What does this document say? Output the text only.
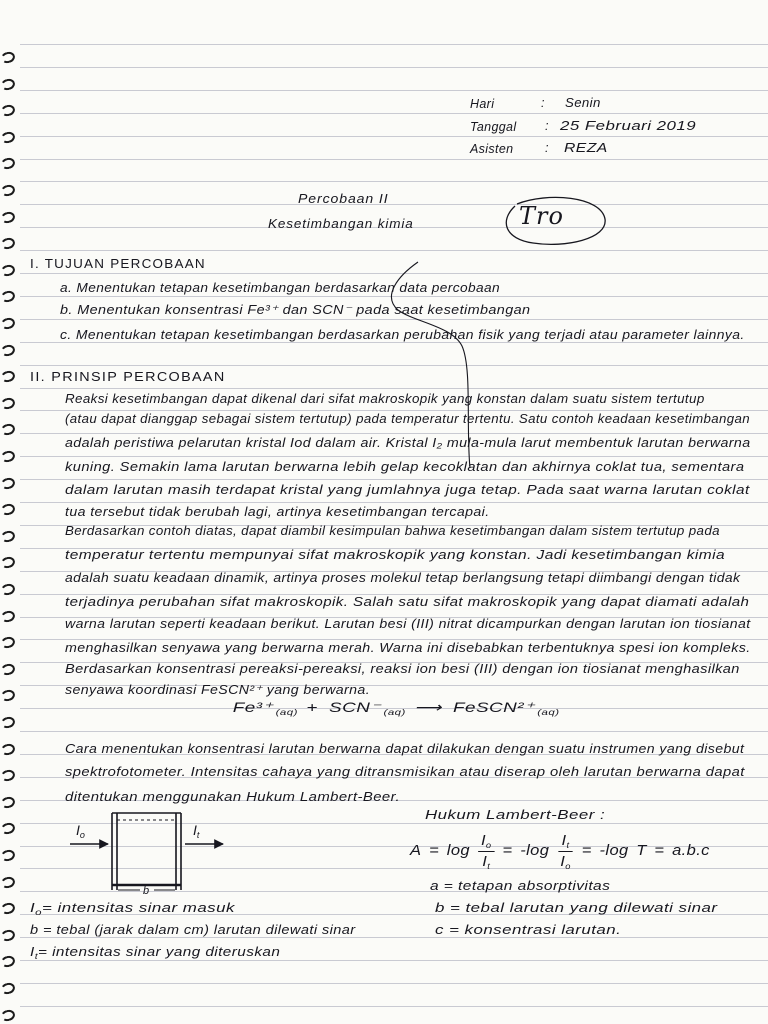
Hari	: Senin
Tanggal : 25 Februari 2019
Asisten	: REZA
Percobaan II
Kesetimbangan kimia	Tro
I. TUJUAN PERCOBAAN
a. Menentukan tetapan kesetimbangan berdasarkan data percobaan
b. Menentukan konsentrasi Fe³⁺ dan SCN⁻ pada saat kesetimbangan
c. Menentukan tetapan kesetimbangan berdasarkan perubahan fisik yang terjadi atau parameter lainnya.
II. PRINSIP PERCOBAAN
Reaksi kesetimbangan dapat dikenal dari sifat makroskopik yang konstan dalam suatu sistem tertutup
(atau dapat dianggap sebagai sistem tertutup) pada temperatur tertentu. Satu contoh keadaan kesetimbangan
adalah peristiwa pelarutan kristal Iod dalam air. Kristal I₂ mula-mula larut membentuk larutan berwarna
kuning. Semakin lama larutan berwarna lebih gelap kecoklatan dan akhirnya coklat tua, sementara
dalam larutan masih terdapat kristal yang jumlahnya juga tetap. Pada saat warna larutan coklat
tua tersebut tidak berubah lagi, artinya kesetimbangan tercapai.
Berdasarkan contoh diatas, dapat diambil kesimpulan bahwa kesetimbangan dalam sistem tertutup pada
temperatur tertentu mempunyai sifat makroskopik yang konstan. Jadi kesetimbangan kimia
adalah suatu keadaan dinamik, artinya proses molekul tetap berlangsung tetapi diimbangi dengan tidak
terjadinya perubahan sifat makroskopik. Salah satu sifat makroskopik yang dapat diamati adalah
warna larutan seperti keadaan berikut. Larutan besi (III) nitrat dicampurkan dengan larutan ion tiosianat
menghasilkan senyawa yang berwarna merah. Warna ini disebabkan terbentuknya spesi ion kompleks.
Berdasarkan konsentrasi pereaksi-pereaksi, reaksi ion besi (III) dengan ion tiosianat menghasilkan
senyawa koordinasi FeSCN²⁺ yang berwarna.
Fe³⁺ $_{(aq)}$ + SCN⁻ $_{(aq)}$ ⟶ FeSCN²⁺ $_{(aq)}$
Cara menentukan konsentrasi larutan berwarna dapat dilakukan dengan suatu instrumen yang disebut
spektrofotometer. Intensitas cahaya yang ditransmisikan atau diserap oleh larutan berwarna dapat
ditentukan menggunakan Hukum Lambert-Beer.
$I_o$	$I_t$
b
Hukum Lambert-Beer :
$A = \log \frac{I_o}{I_t} = -\log \frac{I_t}{I_o} = -\log$ T = a.b.c
a = tetapan absorptivitas
b = tebal larutan yang dilewati sinar
c = konsentrasi larutan.
$I_o=$ intensitas sinar masuk
b = tebal (jarak dalam cm) larutan dilewati sinar
$I_t=$ intensitas sinar yang diteruskan
